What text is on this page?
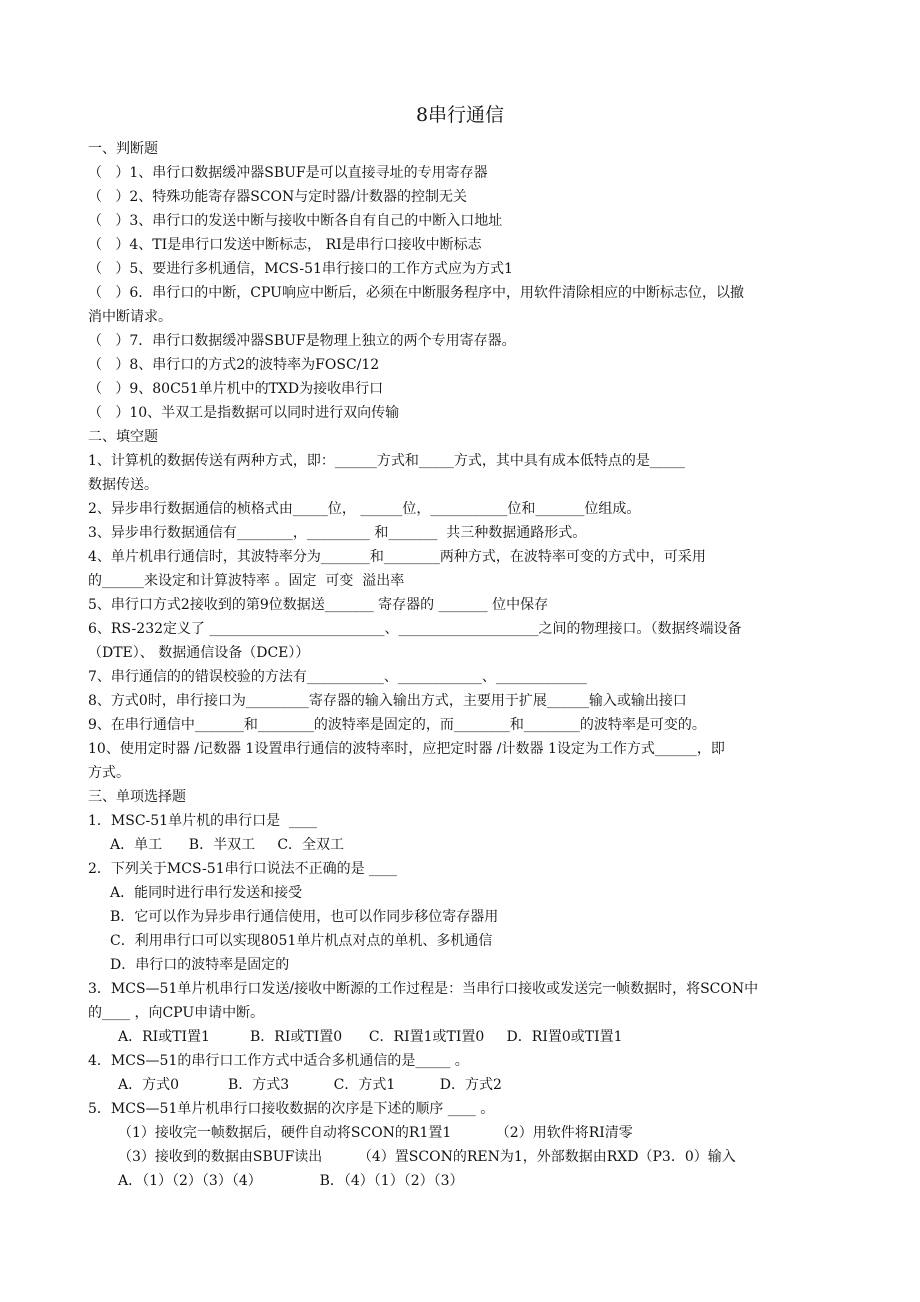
8串行通信
一、判断题
（   ）1、串行口数据缓冲器SBUF是可以直接寻址的专用寄存器
（   ）2、特殊功能寄存器SCON与定时器/计数器的控制无关
（   ）3、串行口的发送中断与接收中断各自有自己的中断入口地址
（   ）4、TI是串行口发送中断标志， RI是串行口接收中断标志
（   ）5、要进行多机通信，MCS-51串行接口的工作方式应为方式1
（   ）6．串行口的中断，CPU响应中断后，必须在中断服务程序中，用软件清除相应的中断标志位，以撤
消中断请求。
（   ）7．串行口数据缓冲器SBUF是物理上独立的两个专用寄存器。
（   ）8、串行口的方式2的波特率为FOSC/12
（   ）9、80C51单片机中的TXD为接收串行口
（   ）10、半双工是指数据可以同时进行双向传输
二、填空题
1、计算机的数据传送有两种方式，即：______方式和_____方式，其中具有成本低特点的是_____
数据传送。
2、异步串行数据通信的桢格式由_____位， ______位，___________位和_______位组成。
3、异步串行数据通信有________，_________ 和_______  共三种数据通路形式。
4、单片机串行通信时，其波特率分为_______和________两种方式，在波特率可变的方式中，可采用
的______来设定和计算波特率 。固定  可变  溢出率
5、串行口方式2接收到的第9位数据送_______ 寄存器的 _______ 位中保存
6、RS-232定义了 _________________________、____________________之间的物理接口。（数据终端设备
（DTE）、 数据通信设备（DCE））
7、串行通信的的错误校验的方法有___________、____________、_____________
8、方式0时，串行接口为_________寄存器的输入输出方式，主要用于扩展______输入或输出接口
9、在串行通信中_______和________的波特率是固定的，而________和________的波特率是可变的。
10、使用定时器 /记数器 1设置串行通信的波特率时，应把定时器 /计数器 1设定为工作方式______，即
方式。
三、单项选择题
1．MSC-51单片机的串行口是  ____
A．单工      B．半双工     C．全双工
2．下列关于MCS-51串行口说法不正确的是 ____
A．能同时进行串行发送和接受
B．它可以作为异步串行通信使用，也可以作同步移位寄存器用
C．利用串行口可以实现8051单片机点对点的单机、多机通信
D．串行口的波特率是固定的
3．MCS—51单片机串行口发送/接收中断源的工作过程是：当串行口接收或发送完一帧数据时，将SCON中
的____ ，向CPU申请中断。
A．RI或TI置1         B．RI或TI置0      C．RI置1或TI置0     D．RI置0或TI置1
4．MCS—51的串行口工作方式中适合多机通信的是_____ 。
A．方式0           B．方式3          C．方式1          D．方式2
5．MCS—51单片机串行口接收数据的次序是下述的顺序 ____ 。
（1）接收完一帧数据后，硬件自动将SCON的R1置1          （2）用软件将RI清零
（3）接收到的数据由SBUF读出        （4）置SCON的REN为1，外部数据由RXD（P3．0）输入
A．（1）（2）（3）（4）             B．（4）（1）（2）（3）
